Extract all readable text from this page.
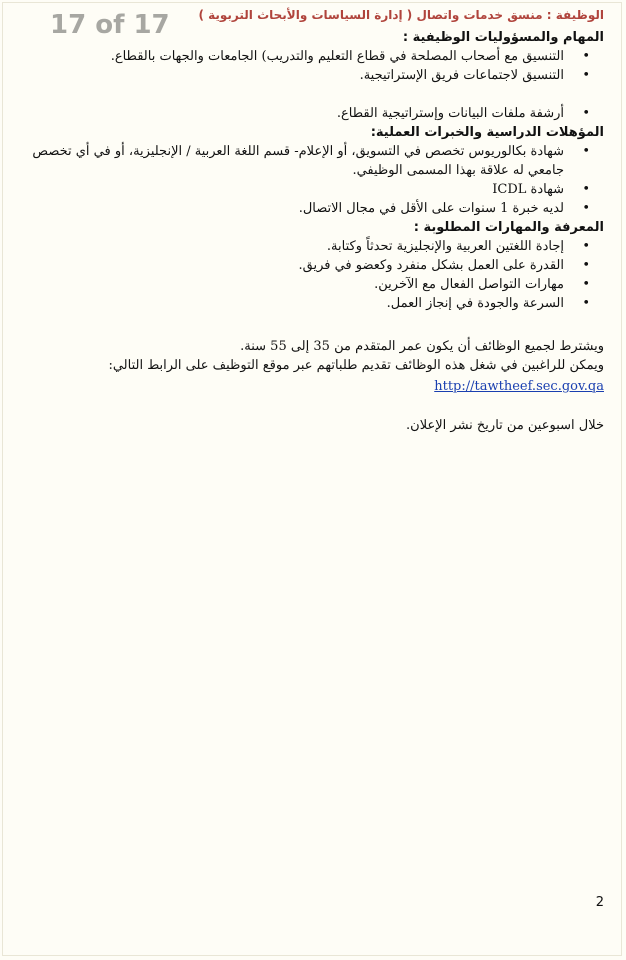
17 of 17 الوظيفة : منسق خدمات واتصال ( إدارة السياسات والأبحاث التربوية )

المهام والمسؤوليات الوظيفية :

• التنسيق مع أصحاب المصلحة في قطاع التعليم والتدريب) الجامعات والجهات بالقطاع.
• التنسيق لاجتماعات فريق الإستراتيجية.
• أرشفة ملفات البيانات وإستراتيجية القطاع.

المؤهلات الدراسية والخبرات العملية:

• شهادة بكالوريوس تخصص في التسويق، أو الإعلام- قسم اللغة العربية / الإنجليزية، أو في أي تخصص جامعي له علاقة بهذا المسمى الوظيفي.
• شهادة ICDL
• لديه خبرة 1 سنوات على الأقل في مجال الاتصال.

المعرفة والمهارات المطلوبة :

• إجادة اللغتين العربية والإنجليزية تحدثاً وكتابة.
• القدرة على العمل بشكل منفرد وكعضو في فريق.
• مهارات التواصل الفعال مع الآخرين.
• السرعة والجودة في إنجاز العمل.

ويشترط لجميع الوظائف أن يكون عمر المتقدم من 35 إلى 55 سنة.

ويمكن للراغبين في شغل هذه الوظائف تقديم طلباتهم عبر موقع التوظيف على الرابط التالي:

http://tawtheef.sec.gov.qa

خلال اسبوعين من تاريخ نشر الإعلان.

2
